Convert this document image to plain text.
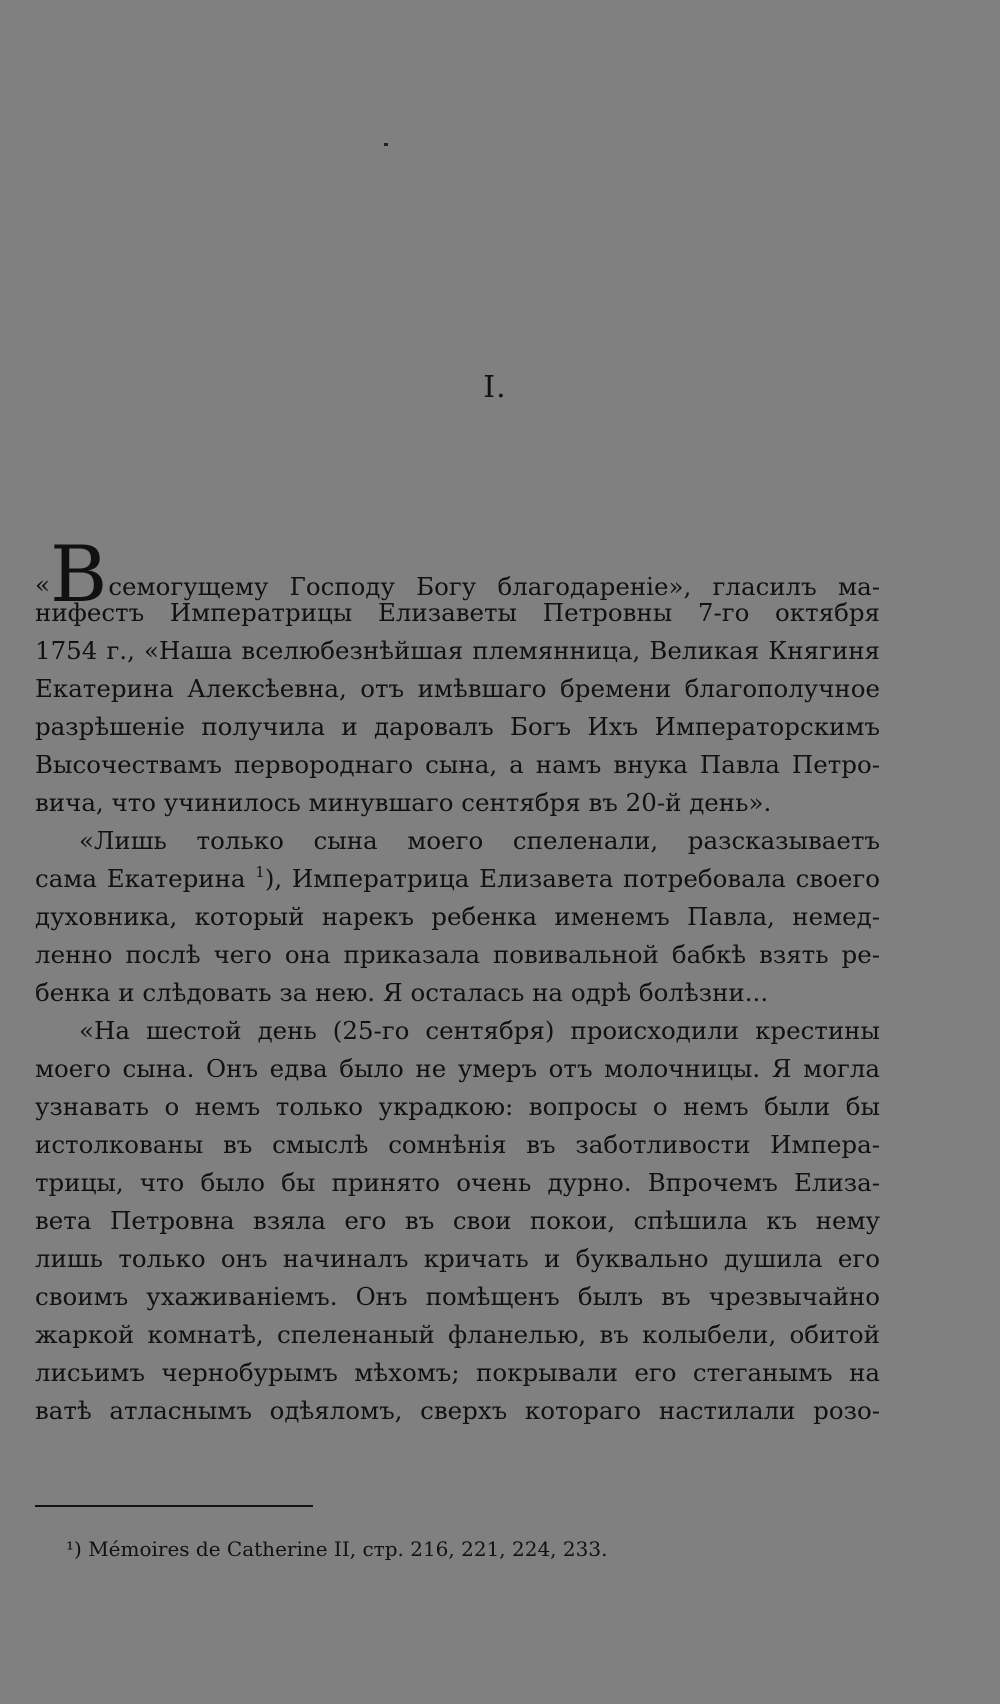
I.
«Всемогущему Господу Богу благодареніе», гласилъ ма-
нифестъ Императрицы Елизаветы Петровны 7-го октября
1754 г., «Наша вселюбезнѣйшая племянница, Великая Княгиня
Екатерина Алексѣевна, отъ имѣвшаго бремени благополучное
разрѣшеніе получила и даровалъ Богъ Ихъ Императорскимъ
Высочествамъ первороднаго сына, а намъ внука Павла Петро-
вича, что учинилось минувшаго сентября въ 20-й день».
«Лишь только сына моего спеленали, разсказываетъ
сама Екатерина $^1$), Императрица Елизавета потребовала своего
духовника, который нарекъ ребенка именемъ Павла, немед-
ленно послѣ чего она приказала повивальной бабкѣ взять ре-
бенка и слѣдовать за нею. Я осталась на одрѣ болѣзни...
«На шестой день (25-го сентября) происходили крестины
моего сына. Онъ едва было не умеръ отъ молочницы. Я могла
узнавать о немъ только украдкою: вопросы о немъ были бы
истолкованы въ смыслѣ сомнѣнія въ заботливости Импера-
трицы, что было бы принято очень дурно. Впрочемъ Елиза-
вета Петровна взяла его въ свои покои, спѣшила къ нему
лишь только онъ начиналъ кричать и буквально душила его
своимъ ухаживаніемъ. Онъ помѣщенъ былъ въ чрезвычайно
жаркой комнатѣ, спеленаный фланелью, въ колыбели, обитой
лисьимъ чернобурымъ мѣхомъ; покрывали его стеганымъ на
ватѣ атласнымъ одѣяломъ, сверхъ котораго настилали розо-
¹) Mémoires de Catherine II, стр. 216, 221, 224, 233.
